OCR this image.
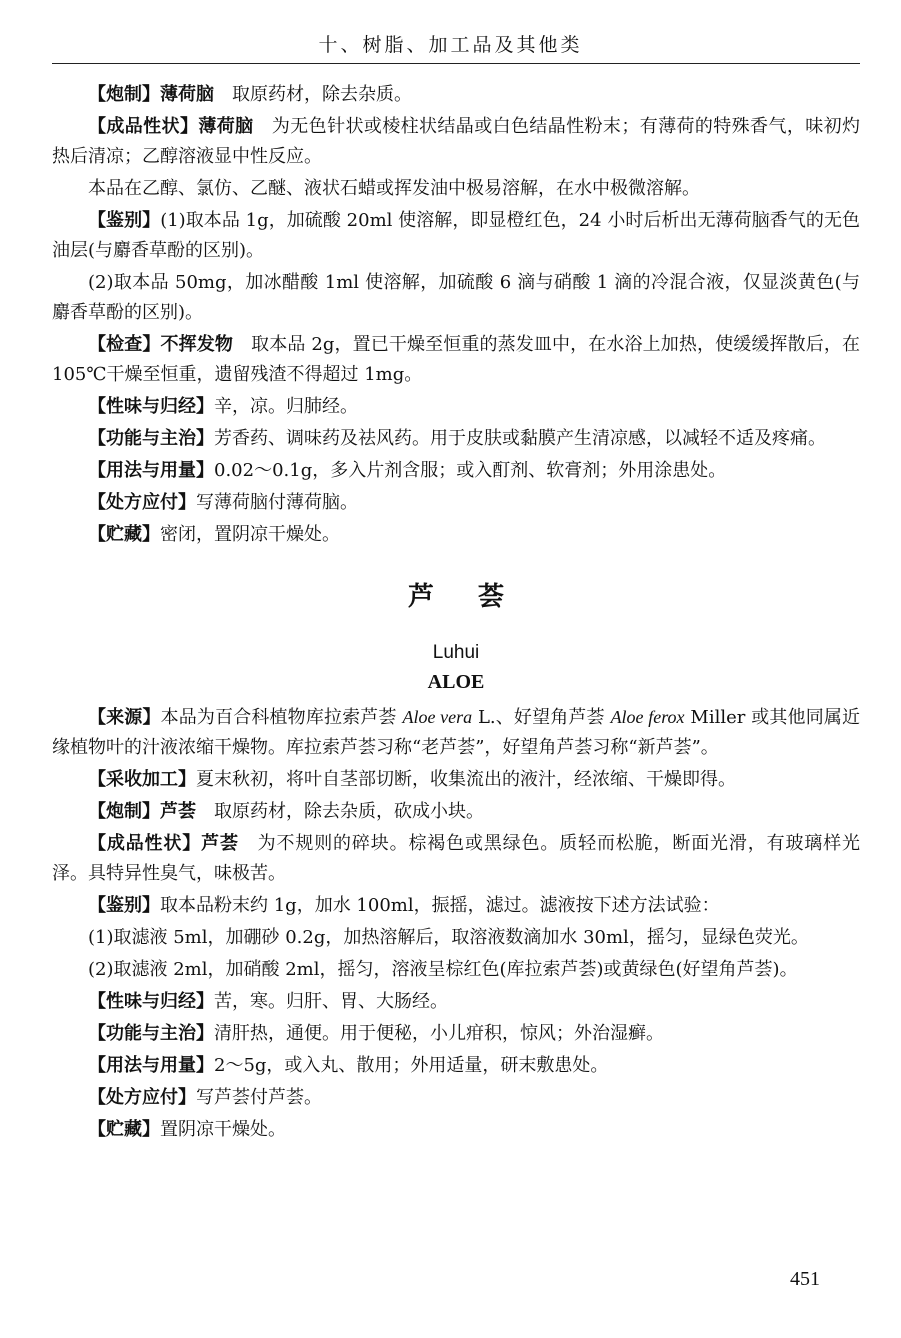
十、树脂、加工品及其他类

【炮制】薄荷脑 取原药材，除去杂质。

【成品性状】薄荷脑 为无色针状或棱柱状结晶或白色结晶性粉末；有薄荷的特殊香气，味初灼热后清凉；乙醇溶液显中性反应。

本品在乙醇、氯仿、乙醚、液状石蜡或挥发油中极易溶解，在水中极微溶解。

【鉴别】(1)取本品 1g，加硫酸 20ml 使溶解，即显橙红色，24 小时后析出无薄荷脑香气的无色油层(与麝香草酚的区别)。

(2)取本品 50mg，加冰醋酸 1ml 使溶解，加硫酸 6 滴与硝酸 1 滴的冷混合液，仅显淡黄色(与麝香草酚的区别)。

【检查】不挥发物 取本品 2g，置已干燥至恒重的蒸发皿中，在水浴上加热，使缓缓挥散后，在 105℃干燥至恒重，遗留残渣不得超过 1mg。

【性味与归经】辛，凉。归肺经。

【功能与主治】芳香药、调味药及祛风药。用于皮肤或黏膜产生清凉感，以减轻不适及疼痛。

【用法与用量】0.02～0.1g，多入片剂含服；或入酊剂、软膏剂；外用涂患处。

【处方应付】写薄荷脑付薄荷脑。

【贮藏】密闭，置阴凉干燥处。

芦荟
Luhui
ALOE

【来源】本品为百合科植物库拉索芦荟 Aloe vera L.、好望角芦荟 Aloe ferox Miller 或其他同属近缘植物叶的汁液浓缩干燥物。库拉索芦荟习称“老芦荟”，好望角芦荟习称“新芦荟”。

【采收加工】夏末秋初，将叶自茎部切断，收集流出的液汁，经浓缩、干燥即得。

【炮制】芦荟 取原药材，除去杂质，砍成小块。

【成品性状】芦荟 为不规则的碎块。棕褐色或黑绿色。质轻而松脆，断面光滑，有玻璃样光泽。具特异性臭气，味极苦。

【鉴别】取本品粉末约 1g，加水 100ml，振摇，滤过。滤液按下述方法试验：

(1)取滤液 5ml，加硼砂 0.2g，加热溶解后，取溶液数滴加水 30ml，摇匀，显绿色荧光。

(2)取滤液 2ml，加硝酸 2ml，摇匀，溶液呈棕红色(库拉索芦荟)或黄绿色(好望角芦荟)。

【性味与归经】苦，寒。归肝、胃、大肠经。

【功能与主治】清肝热，通便。用于便秘，小儿疳积，惊风；外治湿癣。

【用法与用量】2～5g，或入丸、散用；外用适量，研末敷患处。

【处方应付】写芦荟付芦荟。

【贮藏】置阴凉干燥处。

451
